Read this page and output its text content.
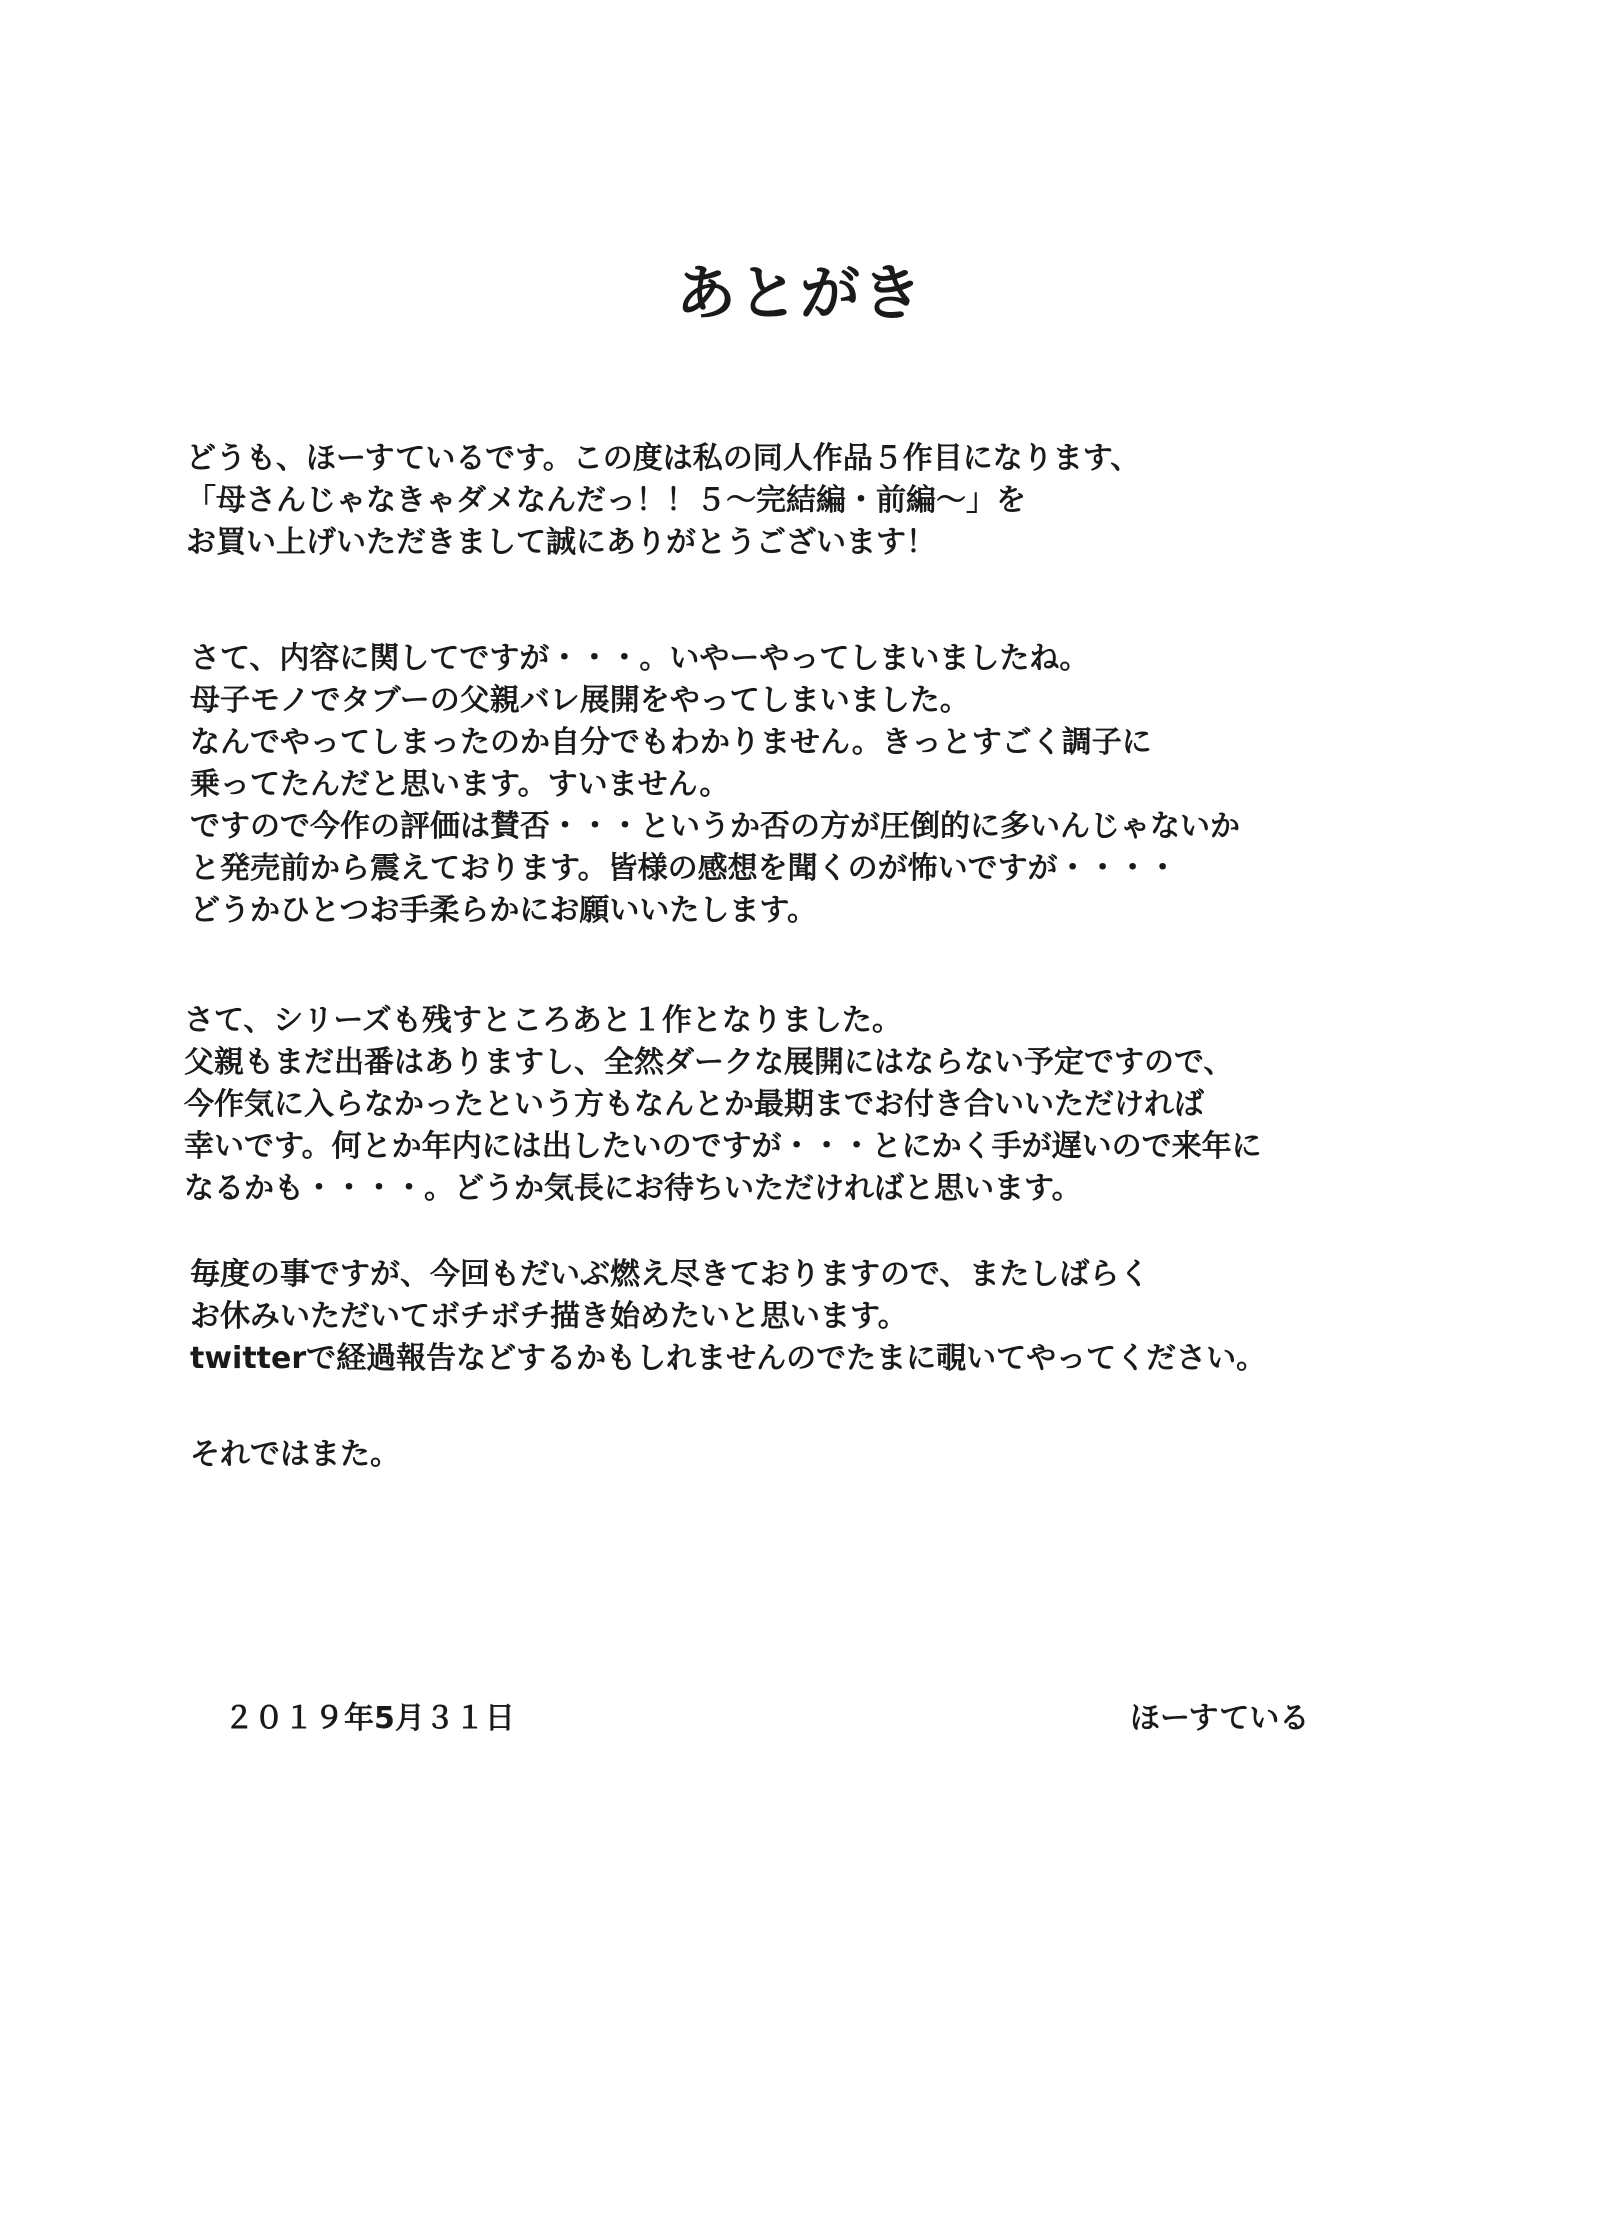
あとがき
どうも、ほーすているです。この度は私の同人作品５作目になります、
「母さんじゃなきゃダメなんだっ！！５～完結編・前編～」を
お買い上げいただきまして誠にありがとうございます！
さて、内容に関してですが・・・。いやーやってしまいましたね。
母子モノでタブーの父親バレ展開をやってしまいました。
なんでやってしまったのか自分でもわかりません。きっとすごく調子に
乗ってたんだと思います。すいません。
ですので今作の評価は賛否・・・というか否の方が圧倒的に多いんじゃないか
と発売前から震えております。皆様の感想を聞くのが怖いですが・・・・
どうかひとつお手柔らかにお願いいたします。
さて、シリーズも残すところあと１作となりました。
父親もまだ出番はありますし、全然ダークな展開にはならない予定ですので、
今作気に入らなかったという方もなんとか最期までお付き合いいただければ
幸いです。何とか年内には出したいのですが・・・とにかく手が遅いので来年に
なるかも・・・・。どうか気長にお待ちいただければと思います。
毎度の事ですが、今回もだいぶ燃え尽きておりますので、またしばらく
お休みいただいてボチボチ描き始めたいと思います。
twitterで経過報告などするかもしれませんのでたまに覗いてやってください。
それではまた。
２０１９年5月３１日	ほーすている
